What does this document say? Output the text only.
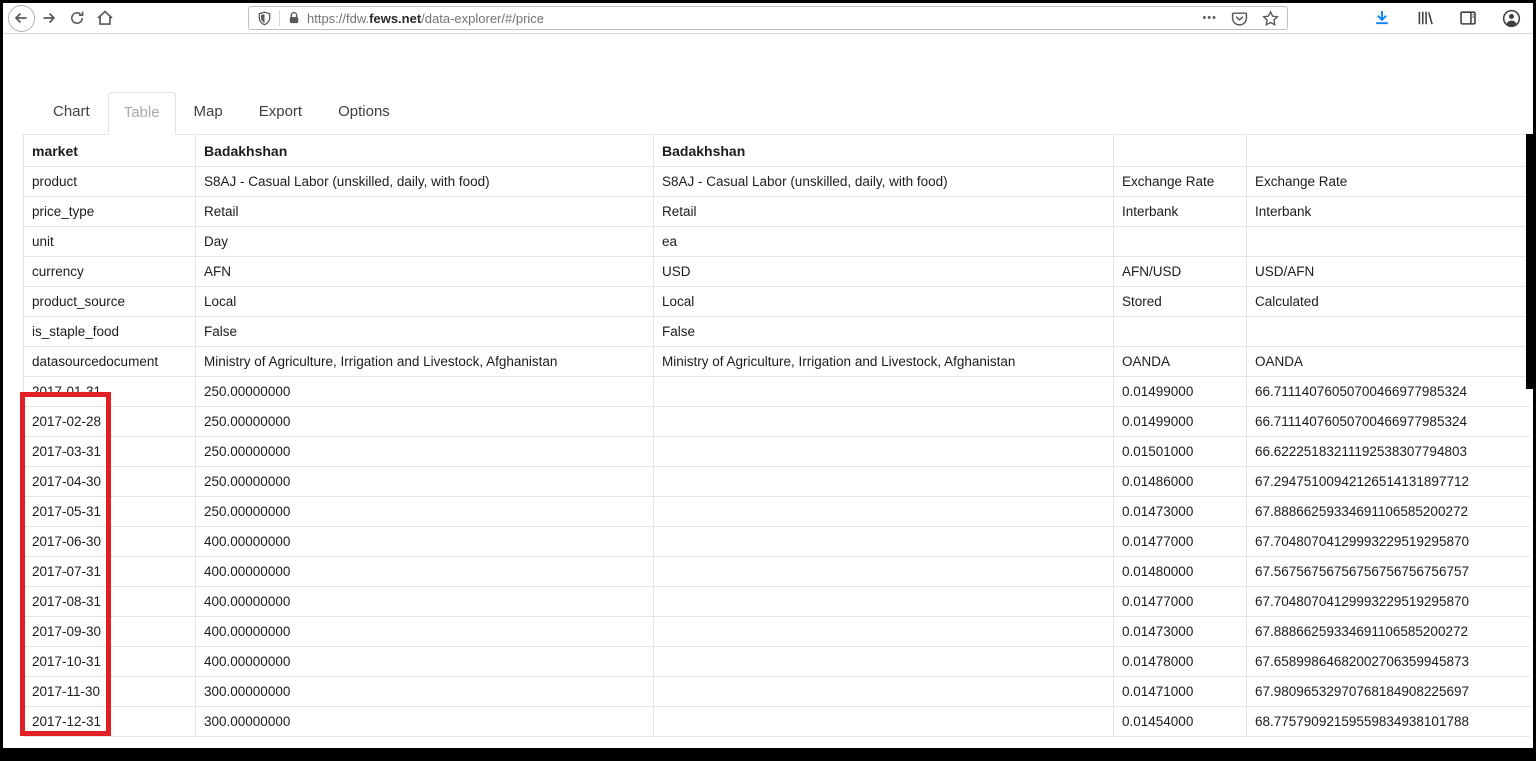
https://fdw.fews.net/data-explorer/#/price	•••
Chart	Table	Map	Export	Options
market	Badakhshan	Badakhshan		
product	S8AJ - Casual Labor (unskilled, daily, with food)	S8AJ - Casual Labor (unskilled, daily, with food)	Exchange Rate	Exchange Rate
price_type	Retail	Retail	Interbank	Interbank
unit	Day	ea		
currency	AFN	USD	AFN/USD	USD/AFN
product_source	Local	Local	Stored	Calculated
is_staple_food	False	False		
datasourcedocument	Ministry of Agriculture, Irrigation and Livestock, Afghanistan	Ministry of Agriculture, Irrigation and Livestock, Afghanistan	OANDA	OANDA
2017-01-31	250.00000000		0.01499000	66.71114076050700466977985324
2017-02-28	250.00000000		0.01499000	66.71114076050700466977985324
2017-03-31	250.00000000		0.01501000	66.62225183211192538307794803
2017-04-30	250.00000000		0.01486000	67.29475100942126514131897712
2017-05-31	250.00000000		0.01473000	67.88866259334691106585200272
2017-06-30	400.00000000		0.01477000	67.70480704129993229519295870
2017-07-31	400.00000000		0.01480000	67.56756756756756756756756757
2017-08-31	400.00000000		0.01477000	67.70480704129993229519295870
2017-09-30	400.00000000		0.01473000	67.88866259334691106585200272
2017-10-31	400.00000000		0.01478000	67.65899864682002706359945873
2017-11-30	300.00000000		0.01471000	67.98096532970768184908225697
2017-12-31	300.00000000		0.01454000	68.77579092159559834938101788
